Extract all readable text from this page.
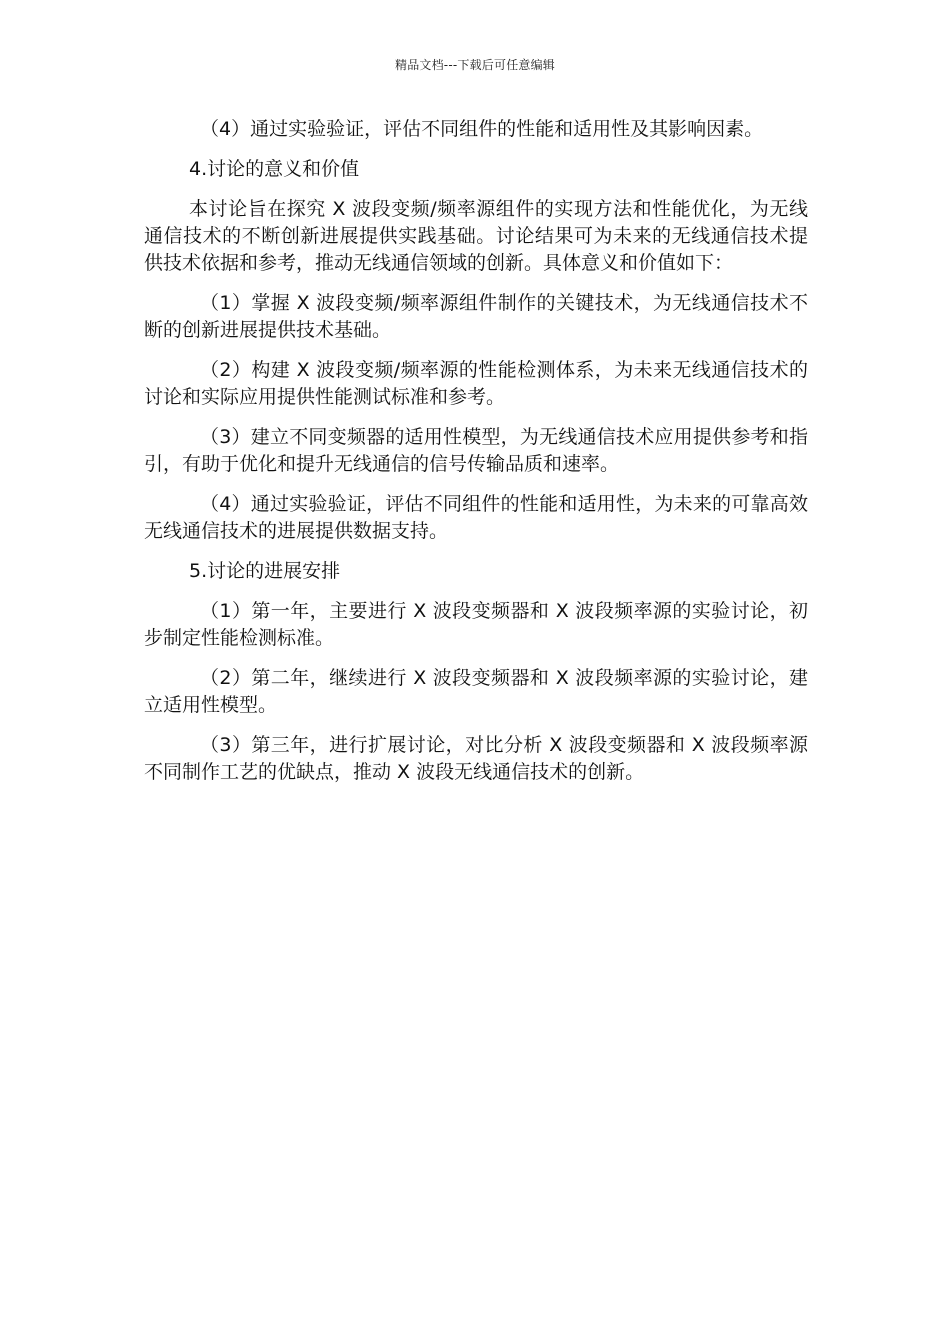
精品文档---下载后可任意编辑

（4）通过实验验证，评估不同组件的性能和适用性及其影响因素。

4.讨论的意义和价值

本讨论旨在探究 X 波段变频/频率源组件的实现方法和性能优化，为无线通信技术的不断创新进展提供实践基础。讨论结果可为未来的无线通信技术提供技术依据和参考，推动无线通信领域的创新。具体意义和价值如下：

（1）掌握 X 波段变频/频率源组件制作的关键技术，为无线通信技术不断的创新进展提供技术基础。

（2）构建 X 波段变频/频率源的性能检测体系，为未来无线通信技术的讨论和实际应用提供性能测试标准和参考。

（3）建立不同变频器的适用性模型，为无线通信技术应用提供参考和指引，有助于优化和提升无线通信的信号传输品质和速率。

（4）通过实验验证，评估不同组件的性能和适用性，为未来的可靠高效无线通信技术的进展提供数据支持。

5.讨论的进展安排

（1）第一年，主要进行 X 波段变频器和 X 波段频率源的实验讨论，初步制定性能检测标准。

（2）第二年，继续进行 X 波段变频器和 X 波段频率源的实验讨论，建立适用性模型。

（3）第三年，进行扩展讨论，对比分析 X 波段变频器和 X 波段频率源不同制作工艺的优缺点，推动 X 波段无线通信技术的创新。
